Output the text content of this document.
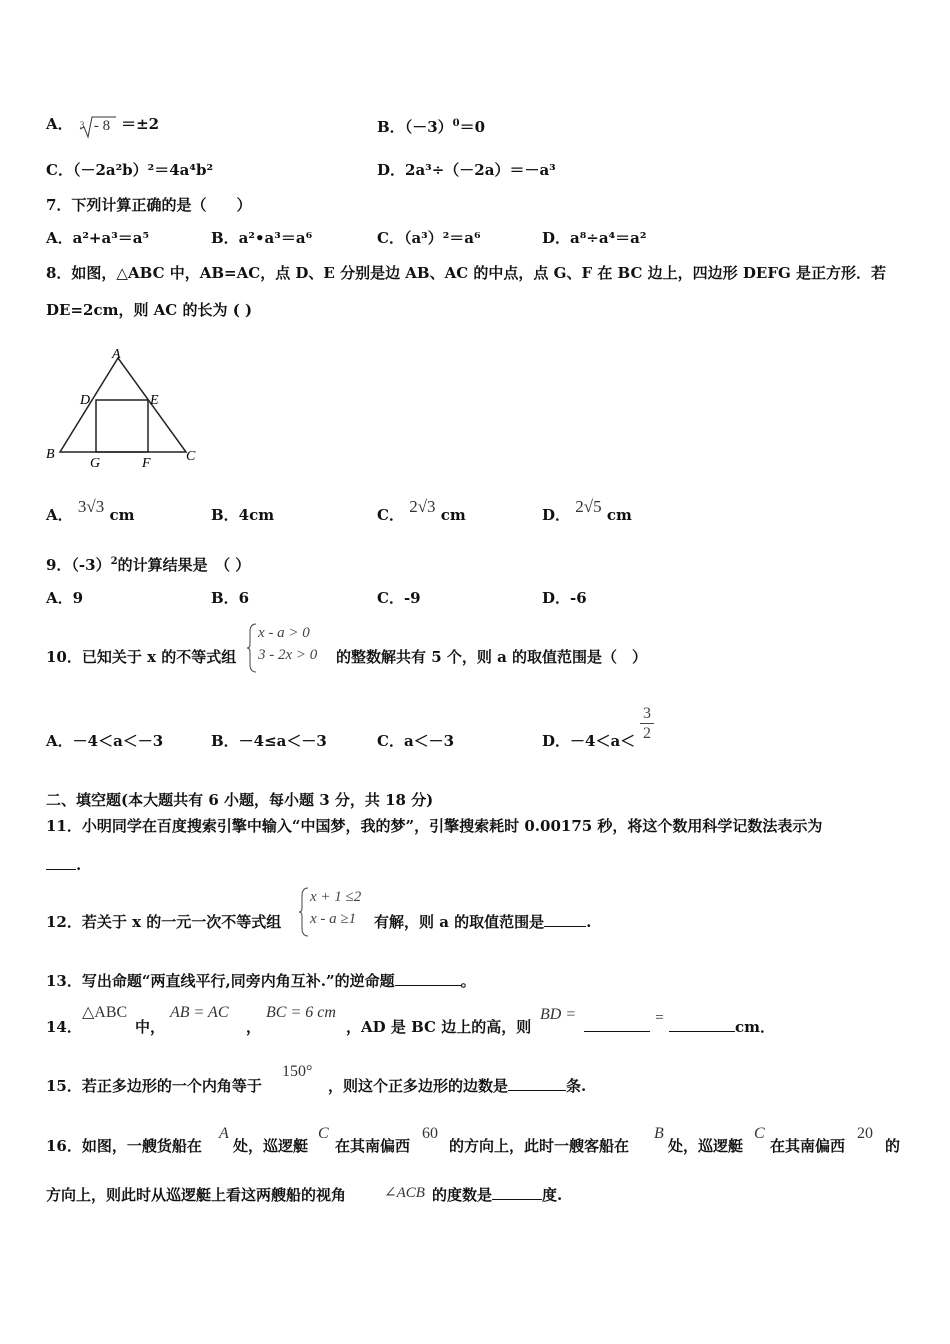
A． 3 - 8 ＝±2	B．$(-3)^0=0$
C．（－2a²b）²＝4a⁴b²	D．2a³÷（－2a）＝－a³
7．下列计算正确的是（　　）
A．a²+a³＝a⁵	B．a²•a³＝a⁶	C．（a³）²＝a⁶	D．a⁸÷a⁴＝a²
8．如图，△ABC 中，AB=AC，点 D、E 分别是边 AB、AC 的中点，点 G、F 在 BC 边上，四边形 DEFG 是正方形．若
DE=2cm，则 AC 的长为 ( )
A
D	E
B	C
G	F
A． 3√3 cm	B．4cm	C． 2√3 cm	D． 2√5 cm
9．$(-3)^2$的计算结果是　（ ）
A．9	B．6	C．-9	D．-6
10．已知关于 x 的不等式组
x - a > 0
3 - 2x > 0 的整数解共有 5 个，则 a 的取值范围是（　）
A．－4＜a＜－3	B．－4≤a＜－3	C．a＜－3	D．－4＜a＜
3
2
二、填空题(本大题共有 6 小题，每小题 3 分，共 18 分)
11．小明同学在百度搜索引擎中输入“中国梦，我的梦”，引擎搜索耗时 0.00175 秒，将这个数用科学记数法表示为
.
12．若关于 x 的一元一次不等式组
x + 1 ≤2
x - a ≥1	有解，则 a 的取值范围是	.
13．写出命题“两直线平行,同旁内角互补.”的逆命题	。
14．
△ABC
中，
AB = AC
，
BC = 6 cm
，AD 是 BC 边上的高，则
BD =	=	cm．
15．若正多边形的一个内角等于
150°
，则这个正多边形的边数是	条.
16．如图，一艘货船在
A
处，巡逻艇
C
在其南偏西
60
的方向上，此时一艘客船在
B
处，巡逻艇
C
在其南偏西
20
的
方向上，则此时从巡逻艇上看这两艘船的视角	∠ACB 的度数是	度.
